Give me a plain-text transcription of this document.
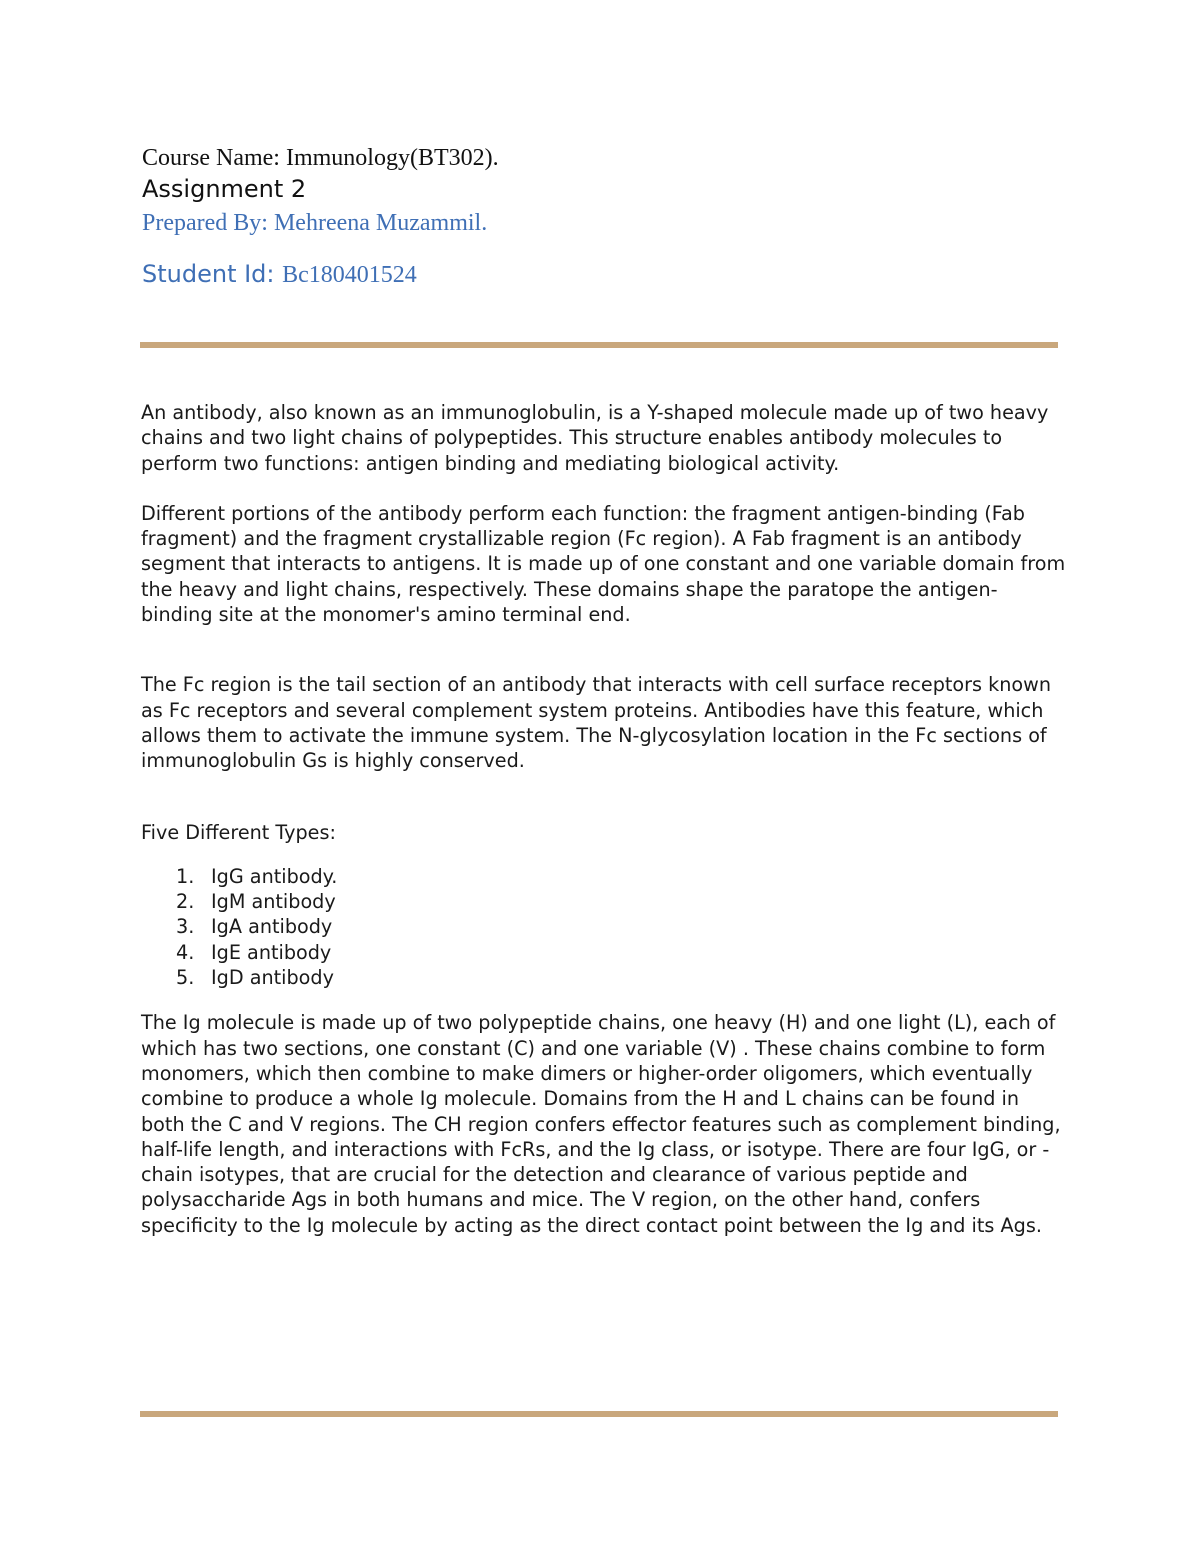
Course Name: Immunology(BT302).
Assignment 2
Prepared By: Mehreena Muzammil.
Student Id: Bc180401524

An antibody, also known as an immunoglobulin, is a Y-shaped molecule made up of two heavy chains and two light chains of polypeptides. This structure enables antibody molecules to perform two functions: antigen binding and mediating biological activity.

Different portions of the antibody perform each function: the fragment antigen-binding (Fab fragment) and the fragment crystallizable region (Fc region). A Fab fragment is an antibody segment that interacts to antigens. It is made up of one constant and one variable domain from the heavy and light chains, respectively. These domains shape the paratope the antigen-binding site at the monomer's amino terminal end.

The Fc region is the tail section of an antibody that interacts with cell surface receptors known as Fc receptors and several complement system proteins. Antibodies have this feature, which allows them to activate the immune system. The N-glycosylation location in the Fc sections of immunoglobulin Gs is highly conserved.

Five Different Types:

1. IgG antibody.
2. IgM antibody
3. IgA antibody
4. IgE antibody
5. IgD antibody

The Ig molecule is made up of two polypeptide chains, one heavy (H) and one light (L), each of which has two sections, one constant (C) and one variable (V) . These chains combine to form monomers, which then combine to make dimers or higher-order oligomers, which eventually combine to produce a whole Ig molecule. Domains from the H and L chains can be found in both the C and V regions. The CH region confers effector features such as complement binding, half-life length, and interactions with FcRs, and the Ig class, or isotype. There are four IgG, or -chain isotypes, that are crucial for the detection and clearance of various peptide and polysaccharide Ags in both humans and mice. The V region, on the other hand, confers specificity to the Ig molecule by acting as the direct contact point between the Ig and its Ags.
